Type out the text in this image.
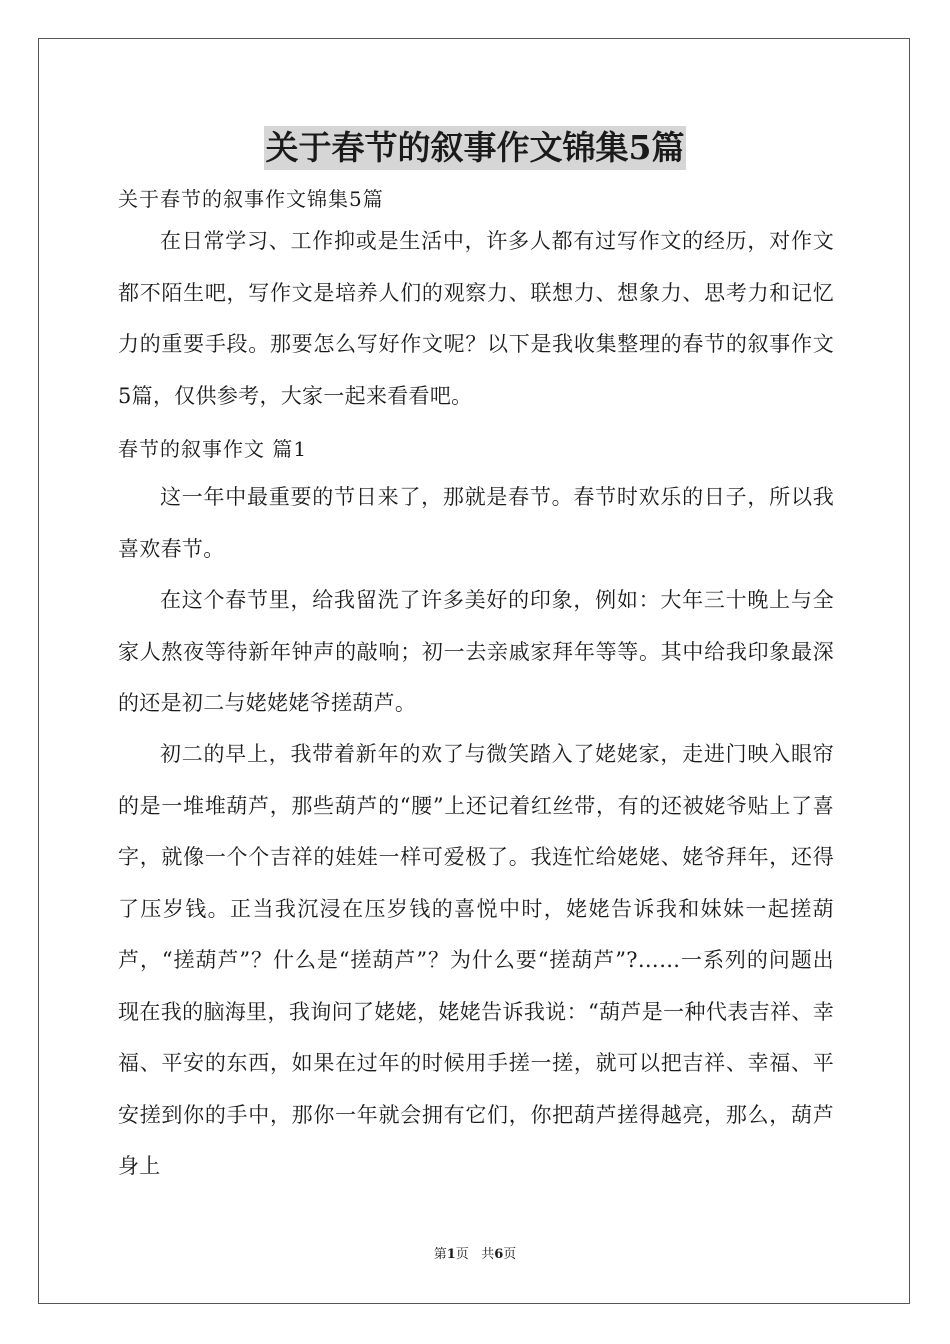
关于春节的叙事作文锦集5篇
关于春节的叙事作文锦集5篇
在日常学习、工作抑或是生活中，许多人都有过写作文的经历，对作文都不陌生吧，写作文是培养人们的观察力、联想力、想象力、思考力和记忆力的重要手段。那要怎么写好作文呢？以下是我收集整理的春节的叙事作文5篇，仅供参考，大家一起来看看吧。
春节的叙事作文 篇1
这一年中最重要的节日来了，那就是春节。春节时欢乐的日子，所以我喜欢春节。
在这个春节里，给我留洗了许多美好的印象，例如：大年三十晚上与全家人熬夜等待新年钟声的敲响；初一去亲戚家拜年等等。其中给我印象最深的还是初二与姥姥姥爷搓葫芦。
初二的早上，我带着新年的欢了与微笑踏入了姥姥家，走进门映入眼帘的是一堆堆葫芦，那些葫芦的“腰”上还记着红丝带，有的还被姥爷贴上了喜字，就像一个个吉祥的娃娃一样可爱极了。我连忙给姥姥、姥爷拜年，还得了压岁钱。正当我沉浸在压岁钱的喜悦中时，姥姥告诉我和妹妹一起搓葫芦，“搓葫芦”？什么是“搓葫芦”？为什么要“搓葫芦”?……一系列的问题出现在我的脑海里，我询问了姥姥，姥姥告诉我说：“葫芦是一种代表吉祥、幸福、平安的东西，如果在过年的时候用手搓一搓，就可以把吉祥、幸福、平安搓到你的手中，那你一年就会拥有它们，你把葫芦搓得越亮，那么，葫芦身上
第1页 共6页
